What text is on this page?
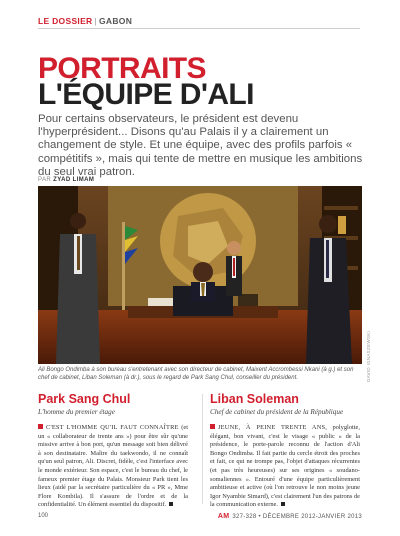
LE DOSSIER | GABON
PORTRAITS
L'ÉQUIPE D'ALI
Pour certains observateurs, le président est devenu l'hyperprésident... Disons qu'au Palais il y a clairement un changement de style. Et une équipe, avec des profils parfois « compétitifs », mais qui tente de mettre en musique les ambitions du seul vrai patron.
PAR ZYAD LIMAM
DAVID IGNASZEWSKI
Ali Bongo Ondimba à son bureau s'entretenant avec son directeur de cabinet, Maixent Accrombessi Nkani (à g.) et son chef de cabinet, Liban Soleman (à dr.), sous le regard de Park Sang Chul, conseiller du président.
Park Sang Chul
L'homme du premier étage

C'EST L'HOMME QU'IL FAUT CONNAÎTRE (et un « collaborateur de trente ans ») pour être sûr qu'une missive arrive à bon port, qu'un message soit bien délivré à son destinataire. Maître du taekwondo, il ne connaît qu'un seul patron, Ali. Discret, fidèle, c'est l'interface avec le monde extérieur. Son espace, c'est le bureau du chef, le fameux premier étage du Palais. Monsieur Park tient les lieux (aidé par la secrétaire particulière du « PR », Mme Flore Kombila). Il s'assure de l'ordre et de la confidentialité. Un élément essentiel du dispositif.

Liban Soleman
Chef de cabinet du président de la République

JEUNE, À PEINE TRENTE ANS, polyglotte, élégant, bon vivant, c'est le visage « public » de la présidence, le porte-parole reconnu de l'action d'Ali Bongo Ondimba. Il fait partie du cercle étroit des proches et fait, ce qui ne trompe pas, l'objet d'attaques récurrentes (et pas très heureuses) sur ses origines « soudano-somaliennes ». Entouré d'une équipe particulièrement ambitieuse et active (où l'on retrouve le non moins jeune Igor Nyambie Simard), c'est clairement l'un des patrons de la communication externe.

100	AM 327-328 • DÉCEMBRE 2012-JANVIER 2013
